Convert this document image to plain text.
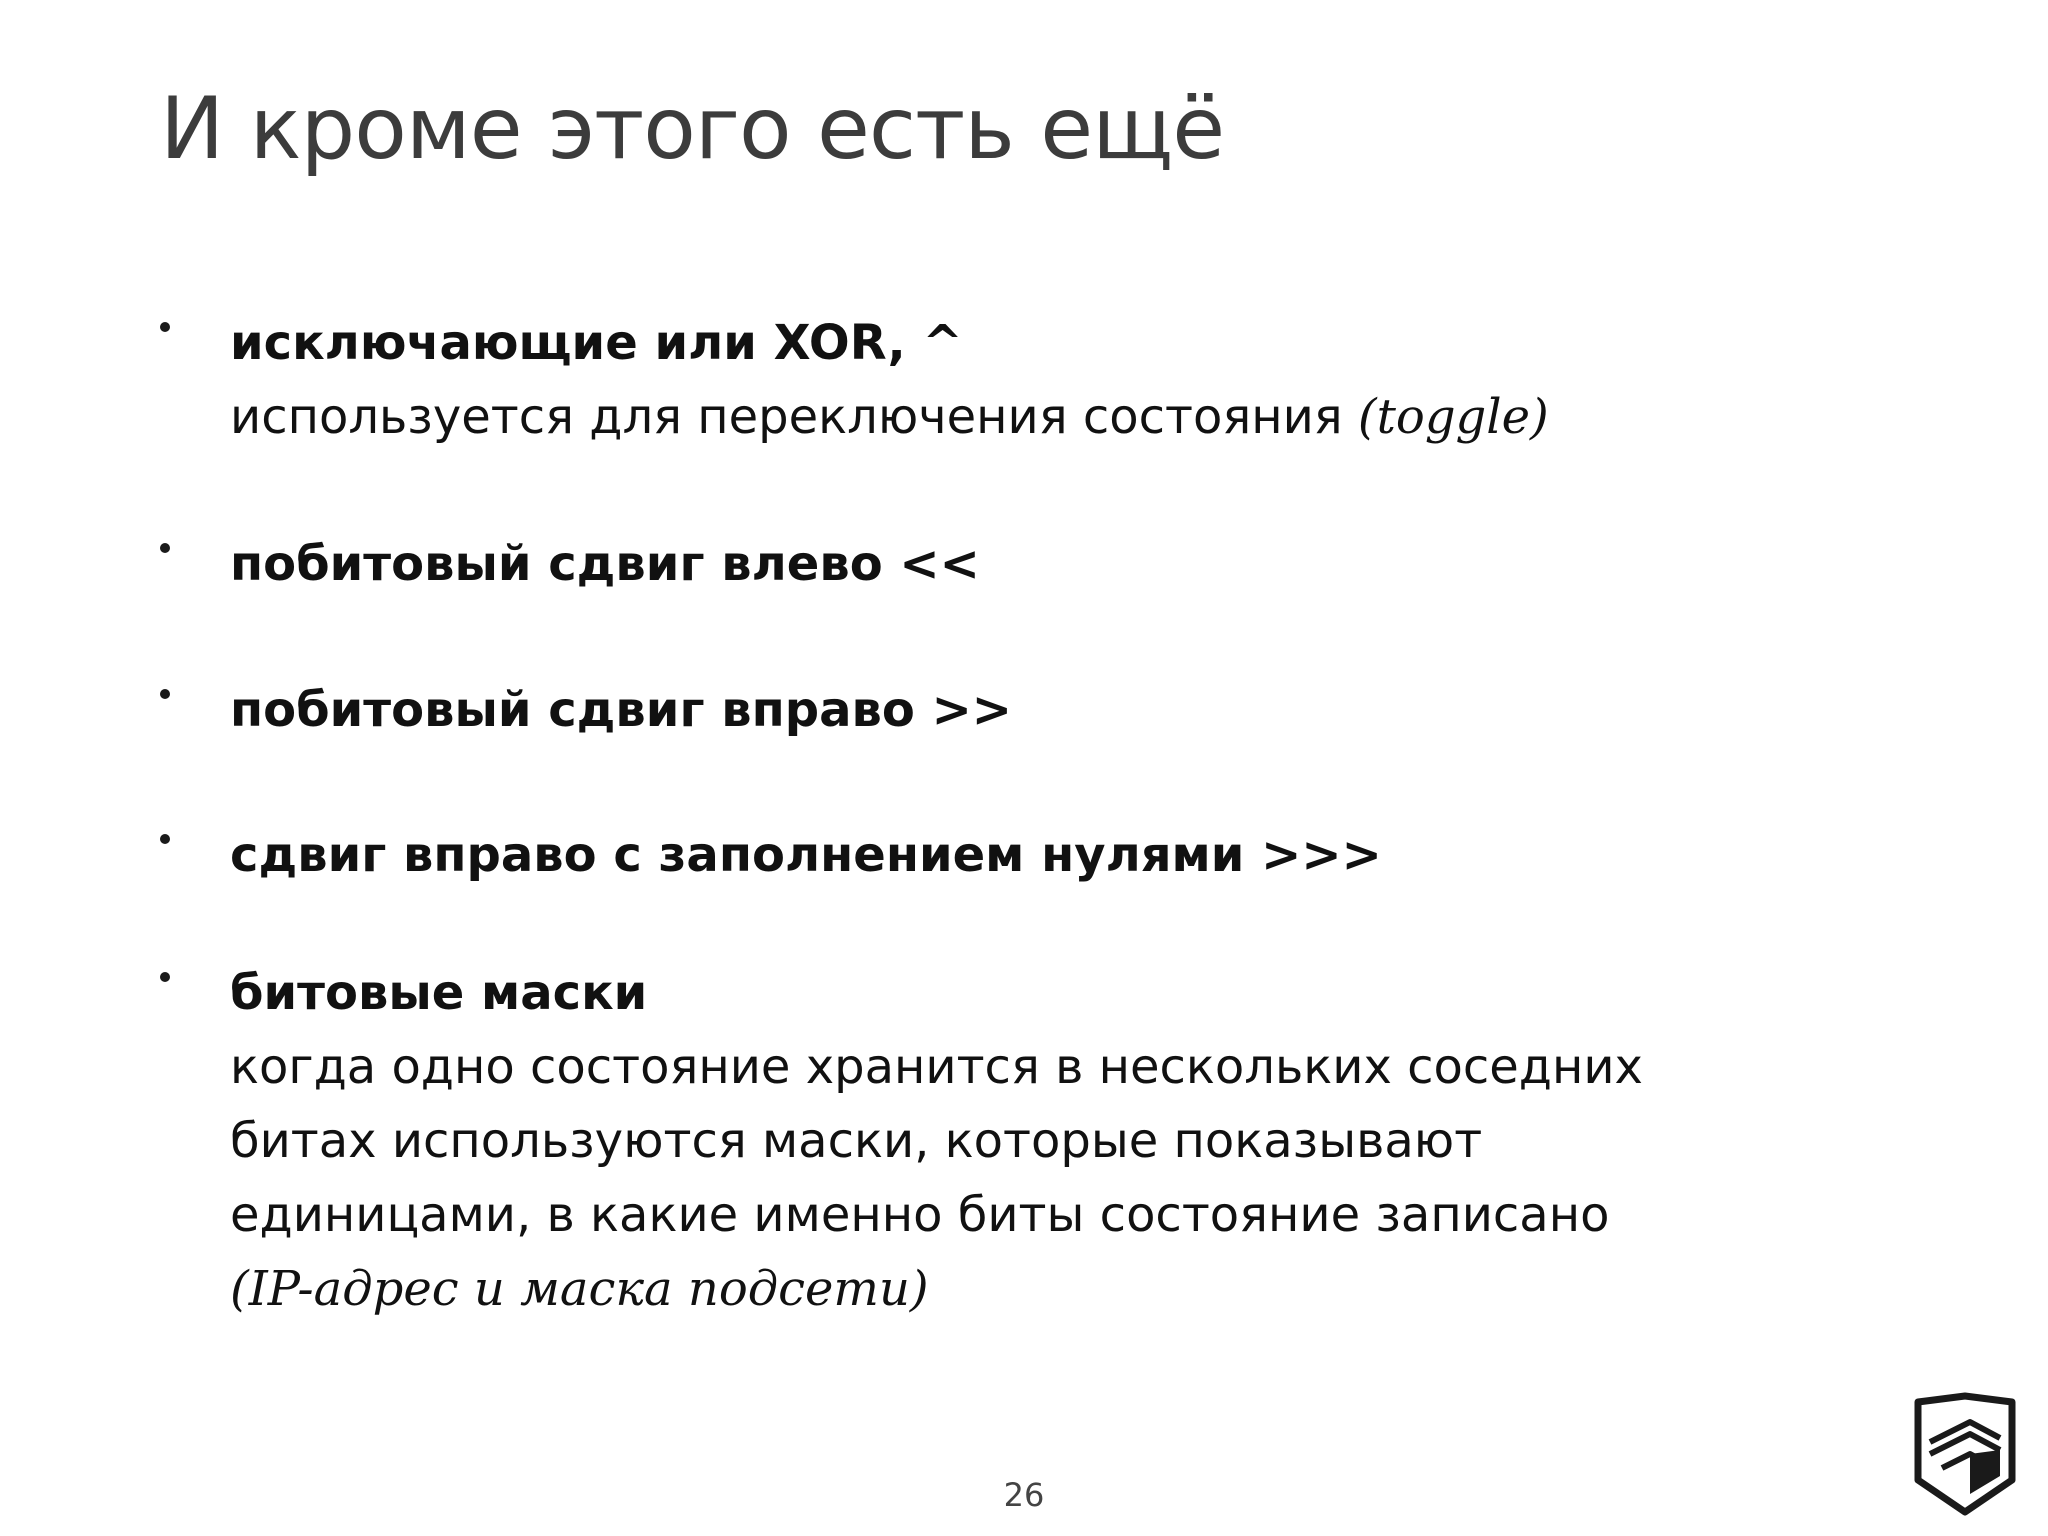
И кроме этого есть ещё
исключающие или XOR, ^
используется для переключения состояния (toggle)
побитовый сдвиг влево <<
побитовый сдвиг вправо >>
сдвиг вправо с заполнением нулями >>>
битовые маски
когда одно состояние хранится в нескольких соседних
битах используются маски, которые показывают
единицами, в какие именно биты состояние записано
(IP-адрес и маска подсети)
26
